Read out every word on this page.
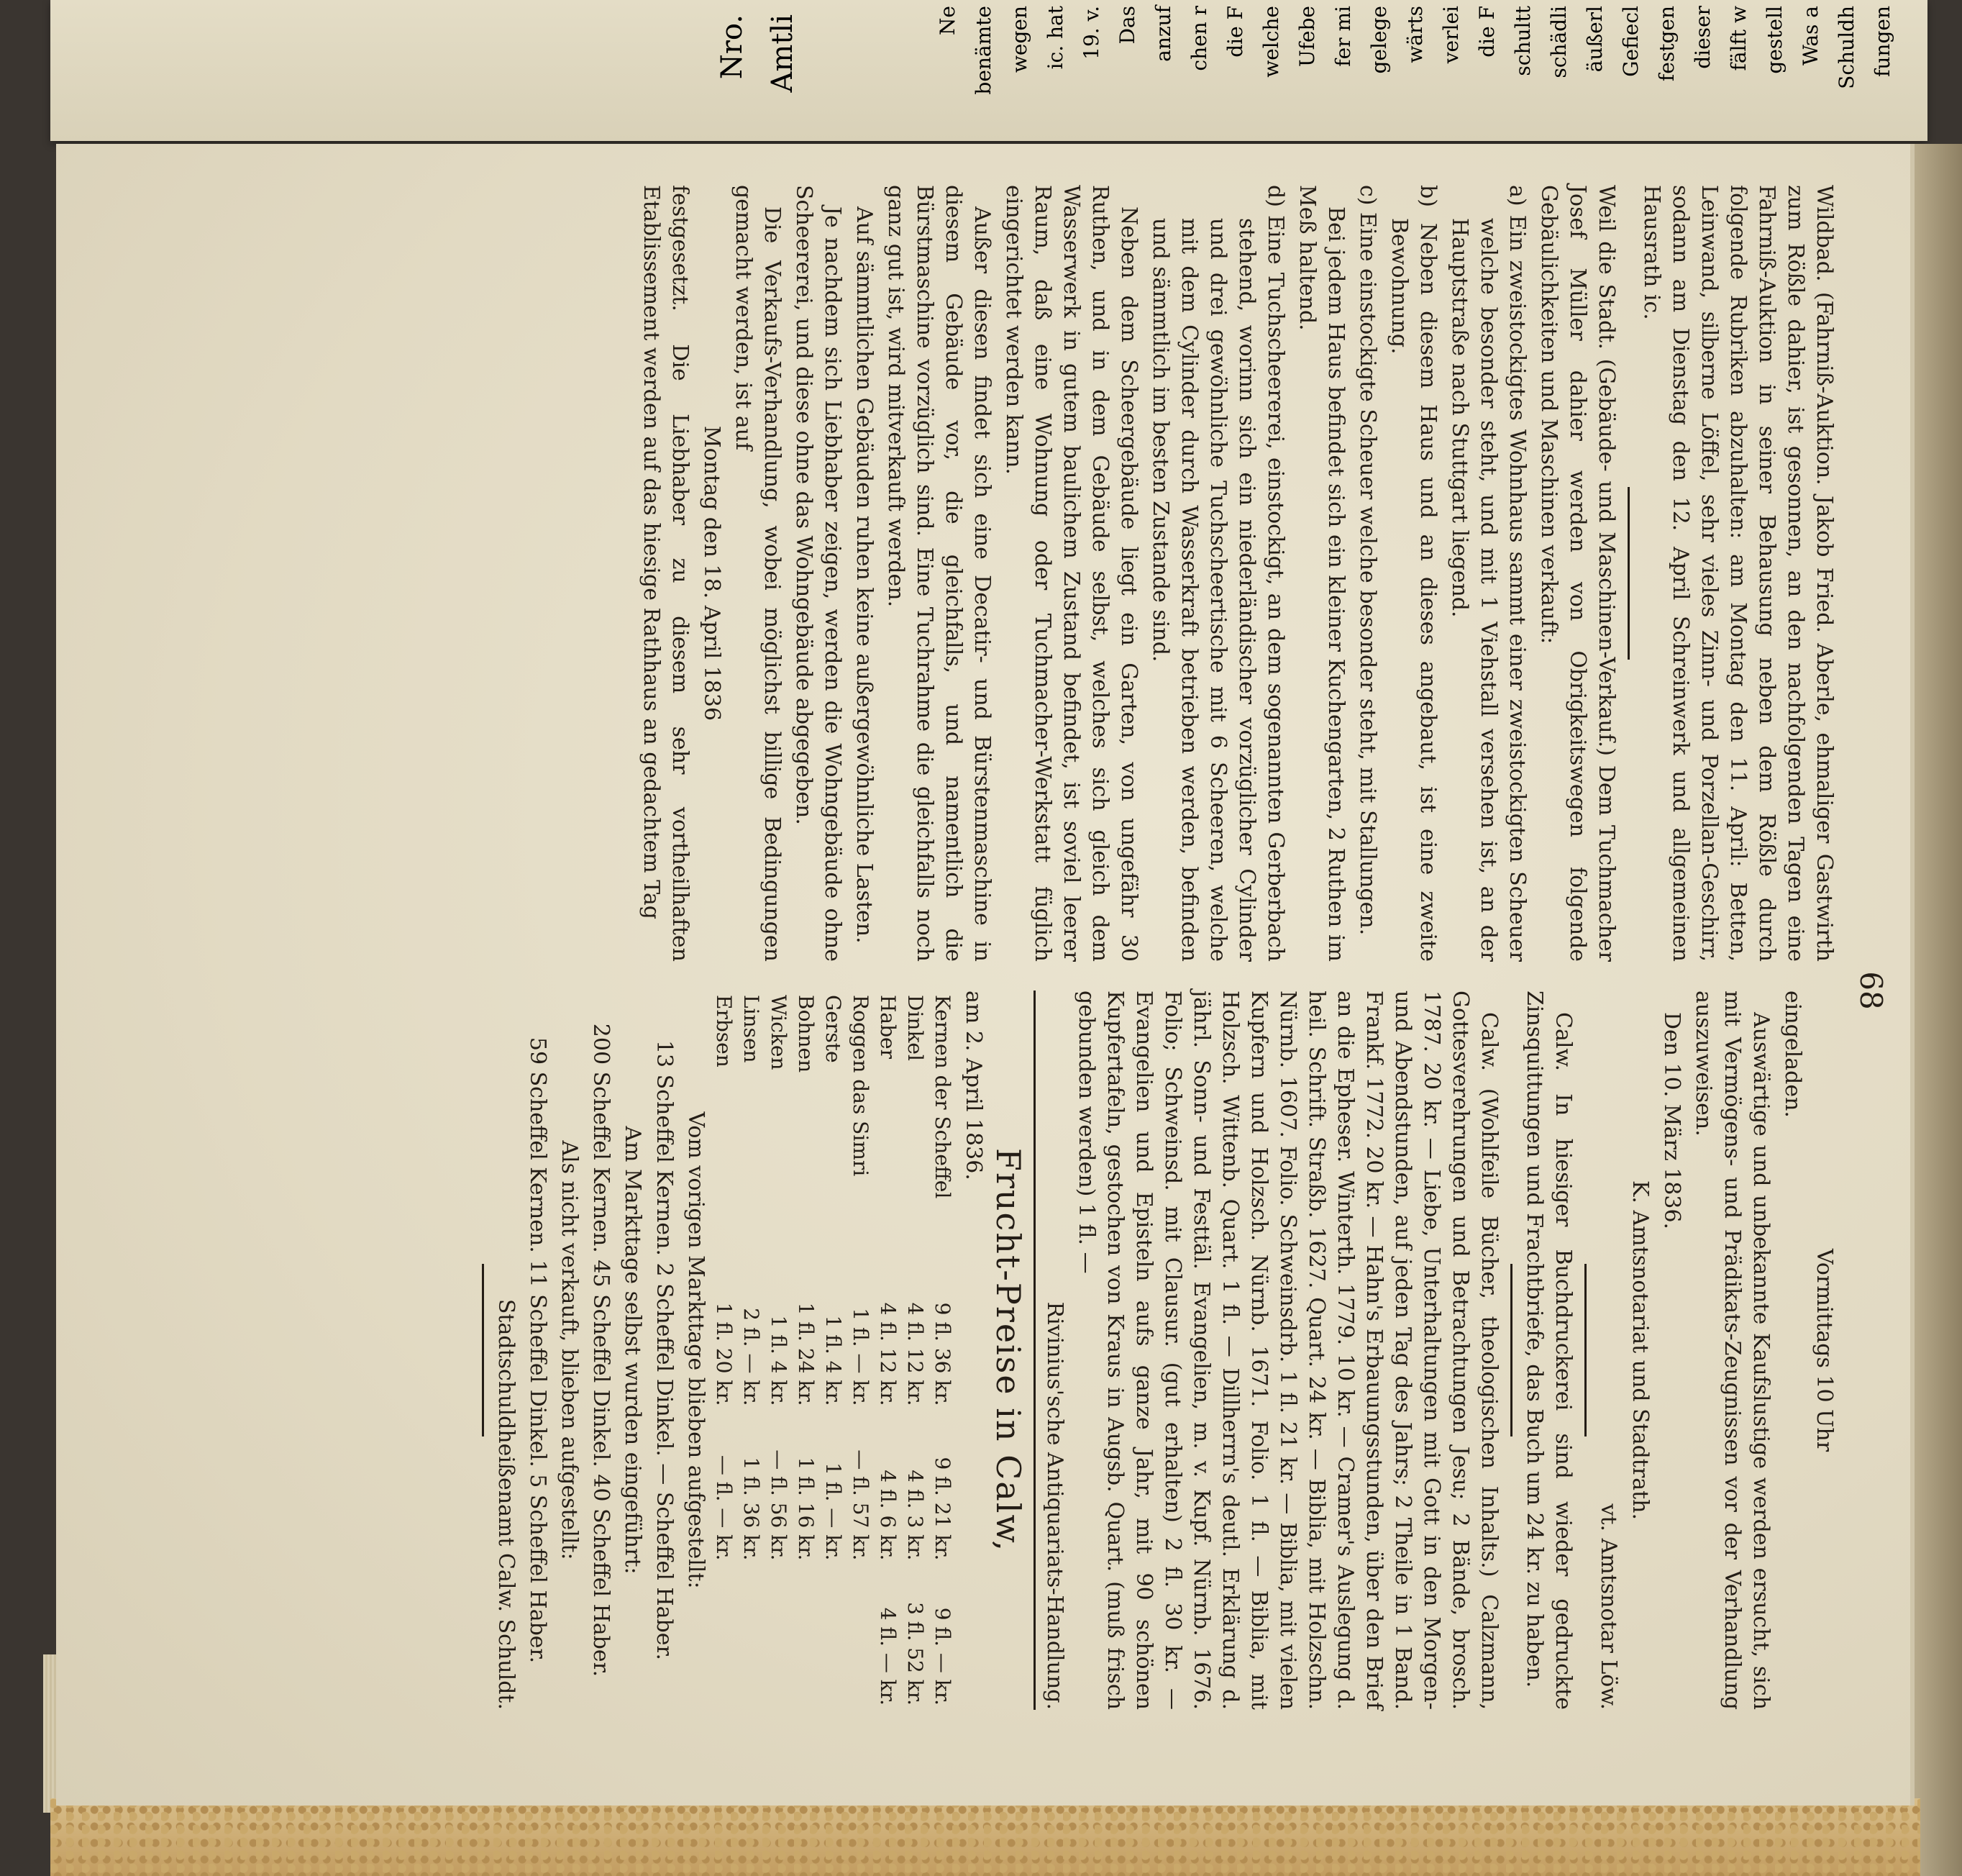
Nro. Amtli	Ne benämte wegen ic. hat 19. v. Das anzuf chen r die F welche Ufebe fer mi gelege wärts verlei die F schultt schädli äußerl Gefiecl festgen dieser fälft w gestell Was a Schuldh fungen
68

Wildbad. (Fahrniß-Auktion. Jakob Fried. Aberle, ehmaliger Gastwirth zum Rößle dahier, ist gesonnen, an den nachfolgenden Tagen eine Fahrniß-Auktion in seiner Behausung neben dem Rößle durch folgende Rubriken abzuhalten: am Montag den 11. April: Betten, Leinwand, silberne Löffel, sehr vieles Zinn- und Porzellan-Geschirr, sodann am Dienstag den 12. April Schreinwerk und allgemeinen Hausrath ic.

Weil die Stadt. (Gebäude- und Maschinen-Verkauf.) Dem Tuchmacher Josef Müller dahier werden von Obrigkeitswegen folgende Gebäulichkeiten und Maschinen verkauft:

a) Ein zweistockigtes Wohnhaus sammt einer zweistockigten Scheuer welche besonder steht, und mit 1 Viehstall versehen ist, an der Hauptstraße nach Stuttgart liegend.

b) Neben diesem Haus und an dieses angebaut, ist eine zweite Bewohnung.

c) Eine einstockigte Scheuer welche besonder steht, mit Stallungen.

Bei jedem Haus befindet sich ein kleiner Kuchengarten, 2 Ruthen im Meß haltend.

d) Eine Tuchscheererei, einstockigt, an dem sogenannten Gerberbach stehend, worinn sich ein niederländischer vorzüglicher Cylinder und drei gewöhnliche Tuchscheertische mit 6 Scheeren, welche mit dem Cylinder durch Wasserkraft betrieben werden, befinden und sämmtlich im besten Zustande sind.

Neben dem Scheergebäude liegt ein Garten, von ungefähr 30 Ruthen, und in dem Gebäude selbst, welches sich gleich dem Wasserwerk in gutem baulichem Zustand befindet, ist soviel leerer Raum, daß eine Wohnung oder Tuchmacher-Werkstatt füglich eingerichtet werden kann.

Außer diesen findet sich eine Decatir- und Bürstenmaschine in diesem Gebäude vor, die gleichfalls, und namentlich die Bürstmaschine vorzüglich sind. Eine Tuchrahme die gleichfalls noch ganz gut ist, wird mitverkauft werden.

Auf sämmtlichen Gebäuden ruhen keine außergewöhnliche Lasten.

Je nachdem sich Liebhaber zeigen, werden die Wohngebäude ohne Scheererei, und diese ohne das Wohngebäude abgegeben.

Die Verkaufs-Verhandlung, wobei möglichst billige Bedingungen gemacht werden, ist auf

Montag den 18. April 1836

festgesetzt. Die Liebhaber zu diesem sehr vortheilhaften Etablissement werden auf das hiesige Rathhaus an gedachtem Tag

Vormittags 10 Uhr

eingeladen.

Auswärtige und unbekannte Kaufslustige werden ersucht, sich mit Vermögens- und Prädikats-Zeugnissen vor der Verhandlung auszuweisen.

Den 10. März 1836.

K. Amtsnotariat und Stadtrath.

vt. Amtsnotar Löw.

Calw. In hiesiger Buchdruckerei sind wieder gedruckte Zinsquittungen und Frachtbriefe, das Buch um 24 kr. zu haben.

Calw. (Wohlfeile Bücher, theologischen Inhalts.) Calzmann, Gottesverehrungen und Betrachtungen Jesu; 2 Bände, brosch. 1787. 20 kr. — Liebe, Unterhaltungen mit Gott in den Morgen- und Abendstunden, auf jeden Tag des Jahrs; 2 Theile in 1 Band. Frankf. 1772. 20 kr. — Hahn's Erbauungsstunden, über den Brief an die Epheser. Winterth. 1779. 10 kr. — Cramer's Auslegung d. heil. Schrift. Straßb. 1627. Quart. 24 kr. — Biblia, mit Holzschn. Nürnb. 1607. Folio. Schweinsdrb. 1 fl. 21 kr. — Biblia, mit vielen Kupfern und Holzsch. Nürnb. 1671. Folio. 1 fl. — Biblia, mit Holzsch. Wittenb. Quart. 1 fl. — Dillherrn's deutl. Erklärung d. jährl. Sonn- und Festtäl. Evangelien, m. v. Kupf. Nürnb. 1676. Folio; Schweinsd. mit Clausur. (gut erhalten) 2 fl. 30 kr. — Evangelien und Episteln aufs ganze Jahr, mit 90 schönen Kupfertafeln, gestochen von Kraus in Augsb. Quart. (muß frisch gebunden werden) 1 fl. —

Rivinius'sche Antiquariats-Handlung.

Frucht-Preise in Calw,

am 2. April 1836.

Kernen der Scheffel	9 fl. 36 kr.	9 fl. 21 kr.	9 fl. — kr.
Dinkel	4 fl. 12 kr.	4 fl. 3 kr.	3 fl. 52 kr.
Haber	4 fl. 12 kr.	4 fl. 6 kr.	4 fl. — kr.
Roggen das Simri	1 fl. — kr.	— fl. 57 kr.	
Gerste	1 fl. 4 kr.	1 fl. — kr.	
Bohnen	1 fl. 24 kr.	1 fl. 16 kr.	
Wicken	1 fl. 4 kr.	— fl. 56 kr.	
Linsen	2 fl. — kr.	1 fl. 36 kr.	
Erbsen	1 fl. 20 kr.	— fl. — kr.	

Vom vorigen Markttage blieben aufgestellt:

13 Scheffel Kernen. 2 Scheffel Dinkel. — Scheffel Haber.

Am Markttage selbst wurden eingeführt:

200 Scheffel Kernen. 45 Scheffel Dinkel. 40 Scheffel Haber.

Als nicht verkauft, blieben aufgestellt:

59 Scheffel Kernen. 11 Scheffel Dinkel. 5 Scheffel Haber.

Stadtschuldheißenamt Calw. Schuldt.
